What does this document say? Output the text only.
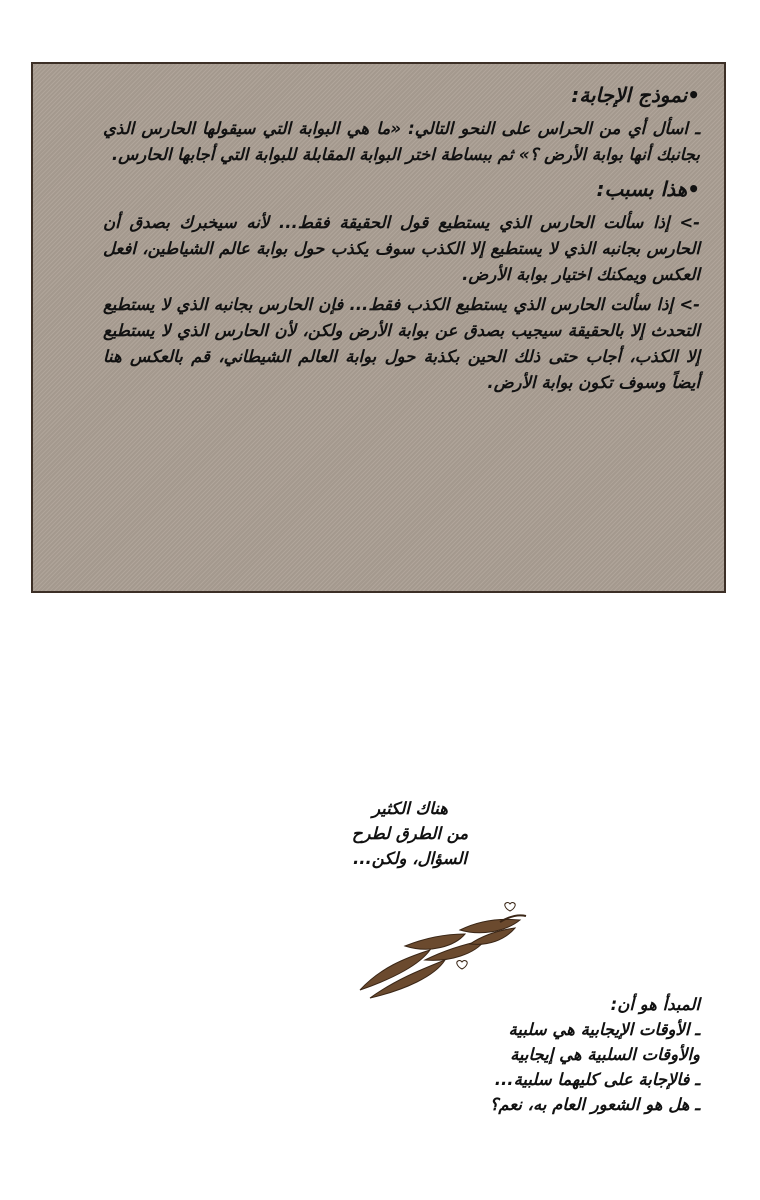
•نموذج الإجابة:

ـ اسأل أي من الحراس على النحو التالي: «ما هي البوابة التي سيقولها الحارس الذي بجانبك أنها بوابة الأرض ؟» ثم ببساطة اختر البوابة المقابلة للبوابة التي أجابها الحارس.

•هذا بسبب:

-> إذا سألت الحارس الذي يستطيع قول الحقيقة فقط... لأنه سيخبرك بصدق أن الحارس بجانبه الذي لا يستطيع إلا الكذب سوف يكذب حول بوابة عالم الشياطين، افعل العكس ويمكنك اختيار بوابة الأرض.

-> إذا سألت الحارس الذي يستطيع الكذب فقط... فإن الحارس بجانبه الذي لا يستطيع التحدث إلا بالحقيقة سيجيب بصدق عن بوابة الأرض ولكن، لأن الحارس الذي لا يستطيع إلا الكذب، أجاب حتى ذلك الحين بكذبة حول بوابة العالم الشيطاني، قم بالعكس هنا أيضاً وسوف تكون بوابة الأرض.

هناك الكثير
من الطرق لطرح
السؤال، ولكن...
المبدأ هو أن:
ـ الأوقات الإيجابية هي سلبية
والأوقات السلبية هي إيجابية
ـ فالإجابة على كليهما سلبية...
ـ هل هو الشعور العام به، نعم؟
